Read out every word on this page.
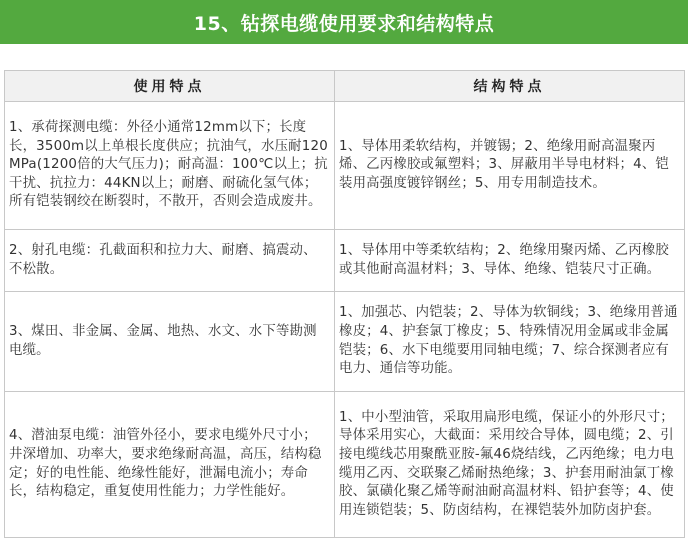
15、钻探电缆使用要求和结构特点
使用特点	结构特点
1、承荷探测电缆：外径小通常12mm以下；长度长，3500m以上单根长度供应；抗油气，水压耐120MPa(1200倍的大气压力)；耐高温：100℃以上；抗干扰、抗拉力：44KN以上；耐磨、耐硫化氢气体；所有铠装钢绞在断裂时，不散开，否则会造成废井。	1、导体用柔软结构，并镀锡；2、绝缘用耐高温聚丙烯、乙丙橡胶或氟塑料；3、屏蔽用半导电材料；4、铠装用高强度镀锌钢丝；5、用专用制造技术。
2、射孔电缆：孔截面积和拉力大、耐磨、搞震动、不松散。	1、导体用中等柔软结构；2、绝缘用聚丙烯、乙丙橡胶或其他耐高温材料；3、导体、绝缘、铠装尺寸正确。
3、煤田、非金属、金属、地热、水文、水下等勘测电缆。	1、加强芯、内铠装；2、导体为软铜线；3、绝缘用普通橡皮；4、护套氯丁橡皮；5、特殊情况用金属或非金属铠装；6、水下电缆要用同轴电缆；7、综合探测者应有电力、通信等功能。
4、潜油泵电缆：油管外径小，要求电缆外尺寸小；井深增加、功率大，要求绝缘耐高温，高压，结构稳定；好的电性能、绝缘性能好，泄漏电流小；寿命长，结构稳定，重复使用性能力；力学性能好。	1、中小型油管，采取用扁形电缆，保证小的外形尺寸；导体采用实心，大截面：采用绞合导体，圆电缆；2、引接电缆线芯用聚酰亚胺-氟46烧结线，乙丙绝缘；电力电缆用乙丙、交联聚乙烯耐热绝缘；3、护套用耐油氯丁橡胶、氯磺化聚乙烯等耐油耐高温材料、铅护套等；4、使用连锁铠装；5、防卤结构，在裸铠装外加防卤护套。
